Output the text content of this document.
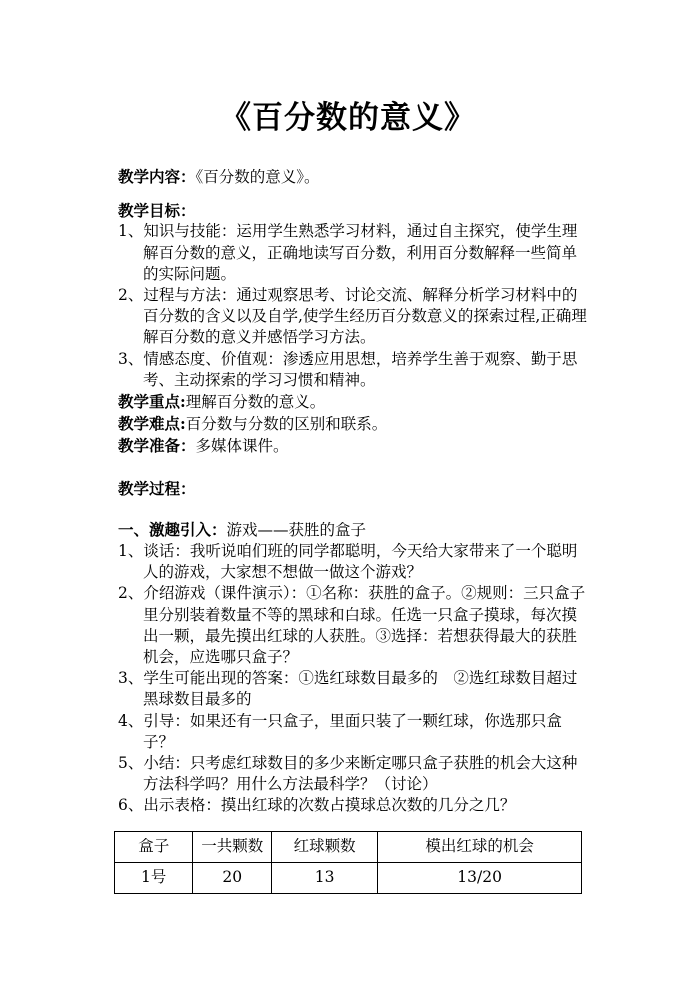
《百分数的意义》
教学内容：《百分数的意义》。
教学目标：
1、知识与技能：运用学生熟悉学习材料，通过自主探究，使学生理解百分数的意义，正确地读写百分数，利用百分数解释一些简单的实际问题。
2、过程与方法：通过观察思考、讨论交流、解释分析学习材料中的百分数的含义以及自学,使学生经历百分数意义的探索过程,正确理解百分数的意义并感悟学习方法。
3、情感态度、价值观：渗透应用思想，培养学生善于观察、勤于思考、主动探索的学习习惯和精神。
教学重点:理解百分数的意义。
教学难点:百分数与分数的区别和联系。
教学准备：多媒体课件。
教学过程：
一、激趣引入：游戏——获胜的盒子
1、谈话：我听说咱们班的同学都聪明，今天给大家带来了一个聪明人的游戏，大家想不想做一做这个游戏？
2、介绍游戏（课件演示）：①名称：获胜的盒子。②规则：三只盒子里分别装着数量不等的黑球和白球。任选一只盒子摸球，每次摸出一颗，最先摸出红球的人获胜。③选择：若想获得最大的获胜机会，应选哪只盒子？
3、学生可能出现的答案：①选红球数目最多的　②选红球数目超过黑球数目最多的
4、引导：如果还有一只盒子，里面只装了一颗红球，你选那只盒子？
5、小结：只考虑红球数目的多少来断定哪只盒子获胜的机会大这种方法科学吗？用什么方法最科学？（讨论）
6、出示表格：摸出红球的次数占摸球总次数的几分之几？
盒子	一共颗数	红球颗数	模出红球的机会
1号	20	13	13/20
